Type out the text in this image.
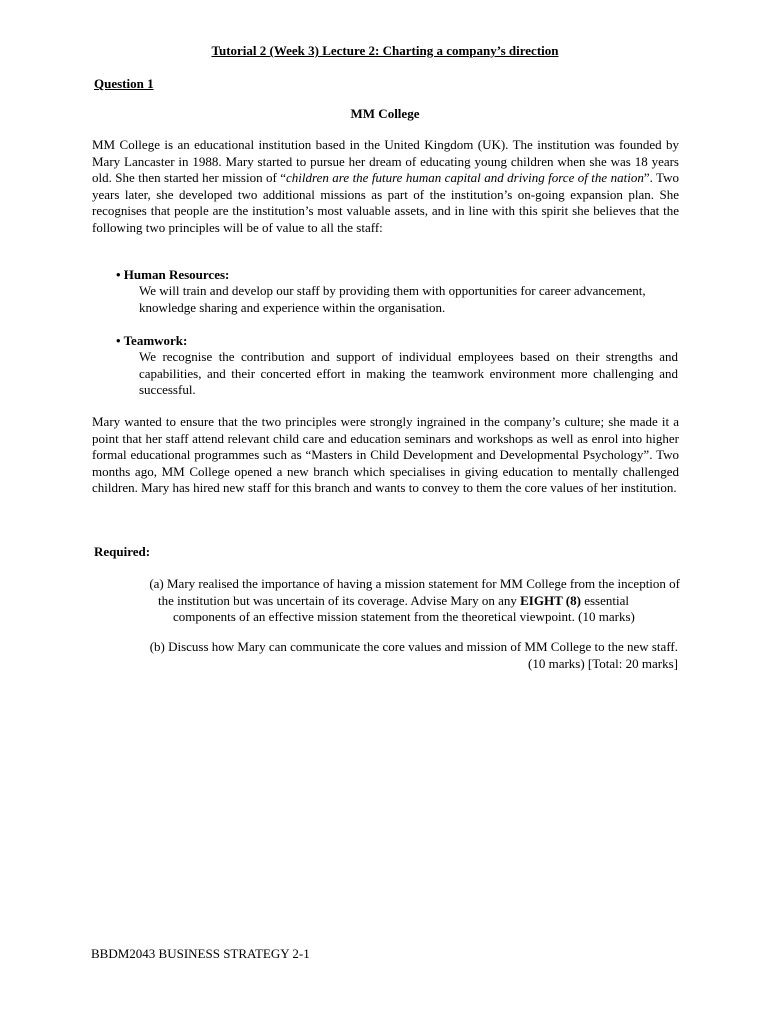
Tutorial 2 (Week 3) Lecture 2: Charting a company’s direction
Question 1
MM College
MM College is an educational institution based in the United Kingdom (UK). The institution was founded by Mary Lancaster in 1988. Mary started to pursue her dream of educating young children when she was 18 years old. She then started her mission of “children are the future human capital and driving force of the nation”. Two years later, she developed two additional missions as part of the institution’s on-going expansion plan. She recognises that people are the institution’s most valuable assets, and in line with this spirit she believes that the following two principles will be of value to all the staff:
• Human Resources:
We will train and develop our staff by providing them with opportunities for career advancement, knowledge sharing and experience within the organisation.
• Teamwork:
We recognise the contribution and support of individual employees based on their strengths and capabilities, and their concerted effort in making the teamwork environment more challenging and successful.
Mary wanted to ensure that the two principles were strongly ingrained in the company’s culture; she made it a point that her staff attend relevant child care and education seminars and workshops as well as enrol into higher formal educational programmes such as “Masters in Child Development and Developmental Psychology”. Two months ago, MM College opened a new branch which specialises in giving education to mentally challenged children. Mary has hired new staff for this branch and wants to convey to them the core values of her institution.
Required:
(a) Mary realised the importance of having a mission statement for MM College from the inception of
the institution but was uncertain of its coverage. Advise Mary on any EIGHT (8) essential
components of an effective mission statement from the theoretical viewpoint. (10 marks)
(b) Discuss how Mary can communicate the core values and mission of MM College to the new staff.
(10 marks) [Total: 20 marks]
BBDM2043 BUSINESS STRATEGY 2-1
